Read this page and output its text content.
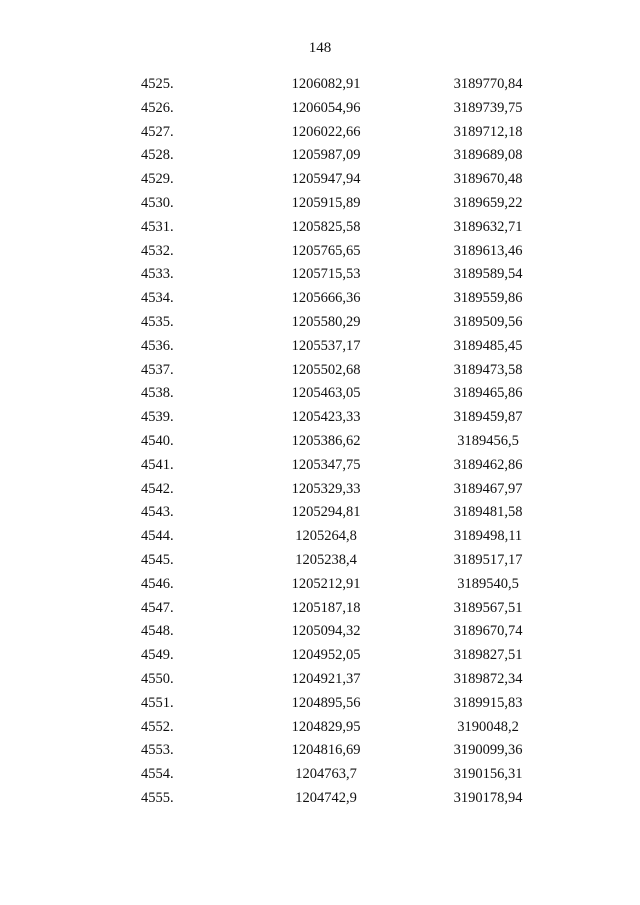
148
4525.	1206082,91	3189770,84
4526.	1206054,96	3189739,75
4527.	1206022,66	3189712,18
4528.	1205987,09	3189689,08
4529.	1205947,94	3189670,48
4530.	1205915,89	3189659,22
4531.	1205825,58	3189632,71
4532.	1205765,65	3189613,46
4533.	1205715,53	3189589,54
4534.	1205666,36	3189559,86
4535.	1205580,29	3189509,56
4536.	1205537,17	3189485,45
4537.	1205502,68	3189473,58
4538.	1205463,05	3189465,86
4539.	1205423,33	3189459,87
4540.	1205386,62	3189456,5
4541.	1205347,75	3189462,86
4542.	1205329,33	3189467,97
4543.	1205294,81	3189481,58
4544.	1205264,8	3189498,11
4545.	1205238,4	3189517,17
4546.	1205212,91	3189540,5
4547.	1205187,18	3189567,51
4548.	1205094,32	3189670,74
4549.	1204952,05	3189827,51
4550.	1204921,37	3189872,34
4551.	1204895,56	3189915,83
4552.	1204829,95	3190048,2
4553.	1204816,69	3190099,36
4554.	1204763,7	3190156,31
4555.	1204742,9	3190178,94
